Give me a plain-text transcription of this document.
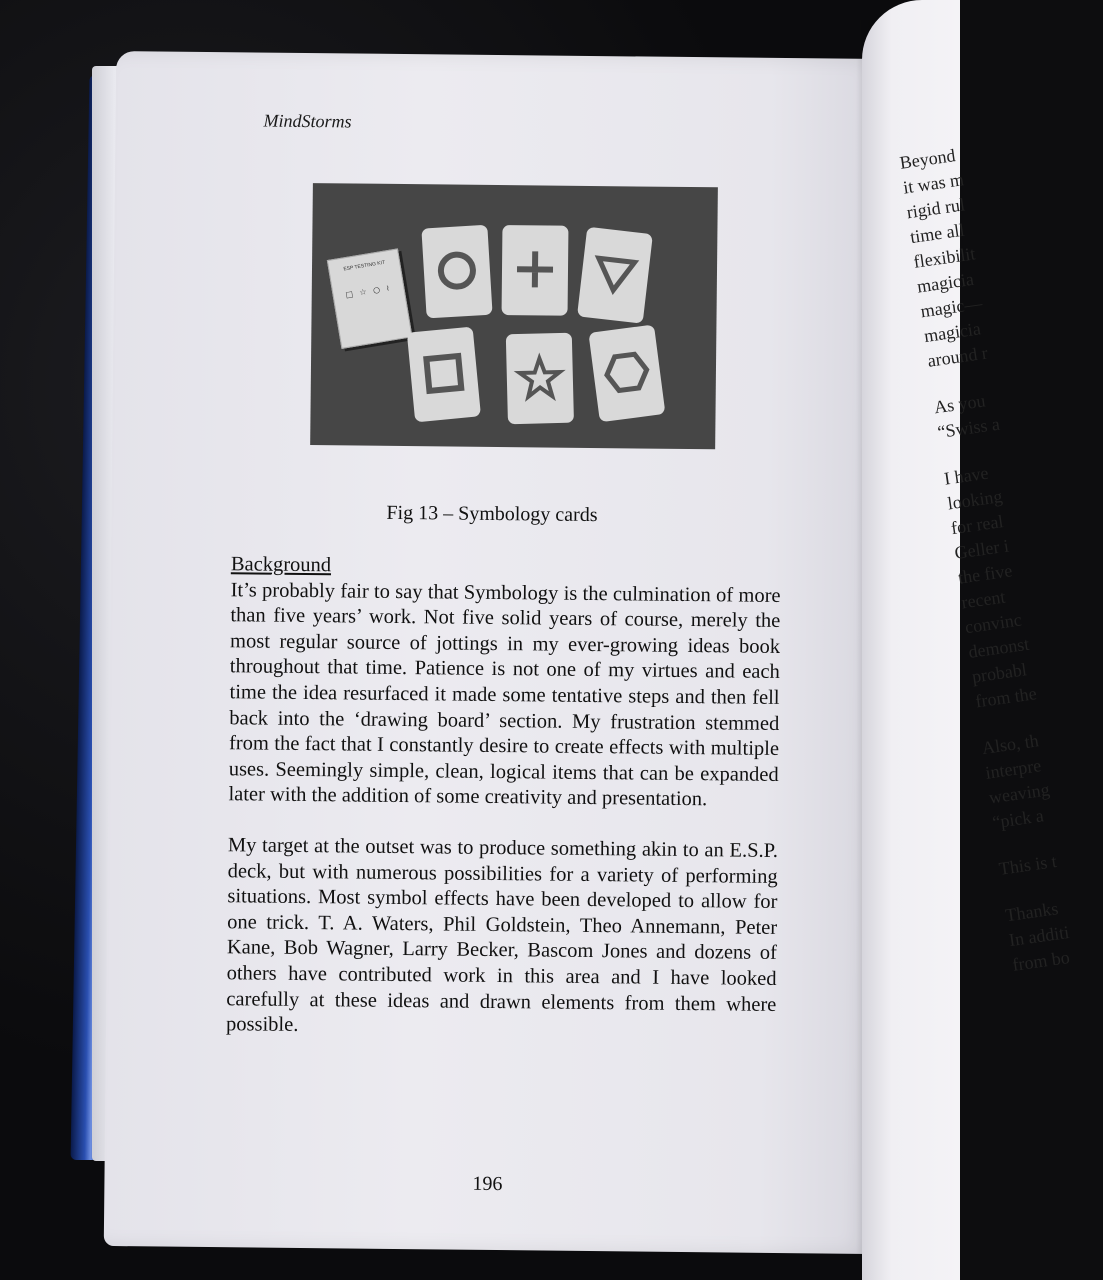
MindStorms
ESP TESTING KIT
□ ☆ ○ ≀
Fig 13 – Symbology cards
Background

It’s probably fair to say that Symbology is the culmination of more than five years’ work. Not five solid years of course, merely the most regular source of jottings in my ever-growing ideas book throughout that time. Patience is not one of my virtues and each time the idea resurfaced it made some tentative steps and then fell back into the ‘drawing board’ section. My frustration stemmed from the fact that I constantly desire to create effects with multiple uses. Seemingly simple, clean, logical items that can be expanded later with the addition of some creativity and presentation.

My target at the outset was to produce something akin to an E.S.P. deck, but with numerous possibilities for a variety of performing situations. Most symbol effects have been developed to allow for one trick. T. A. Waters, Phil Goldstein, Theo Annemann, Peter Kane, Bob Wagner, Larry Becker, Bascom Jones and dozens of others have contributed work in this area and I have looked carefully at these ideas and drawn elements from them where possible.

196
Beyond
it was m
rigid rul
time all
flexibilit
magicia
magic—
magicia
around r
As you
“Swiss a
I have
looking
for real
Geller i
the five
recent
convinc
demonst
probabl
from the
Also, th
interpre
weaving
“pick a
This is t
Thanks
In additi
from bo
